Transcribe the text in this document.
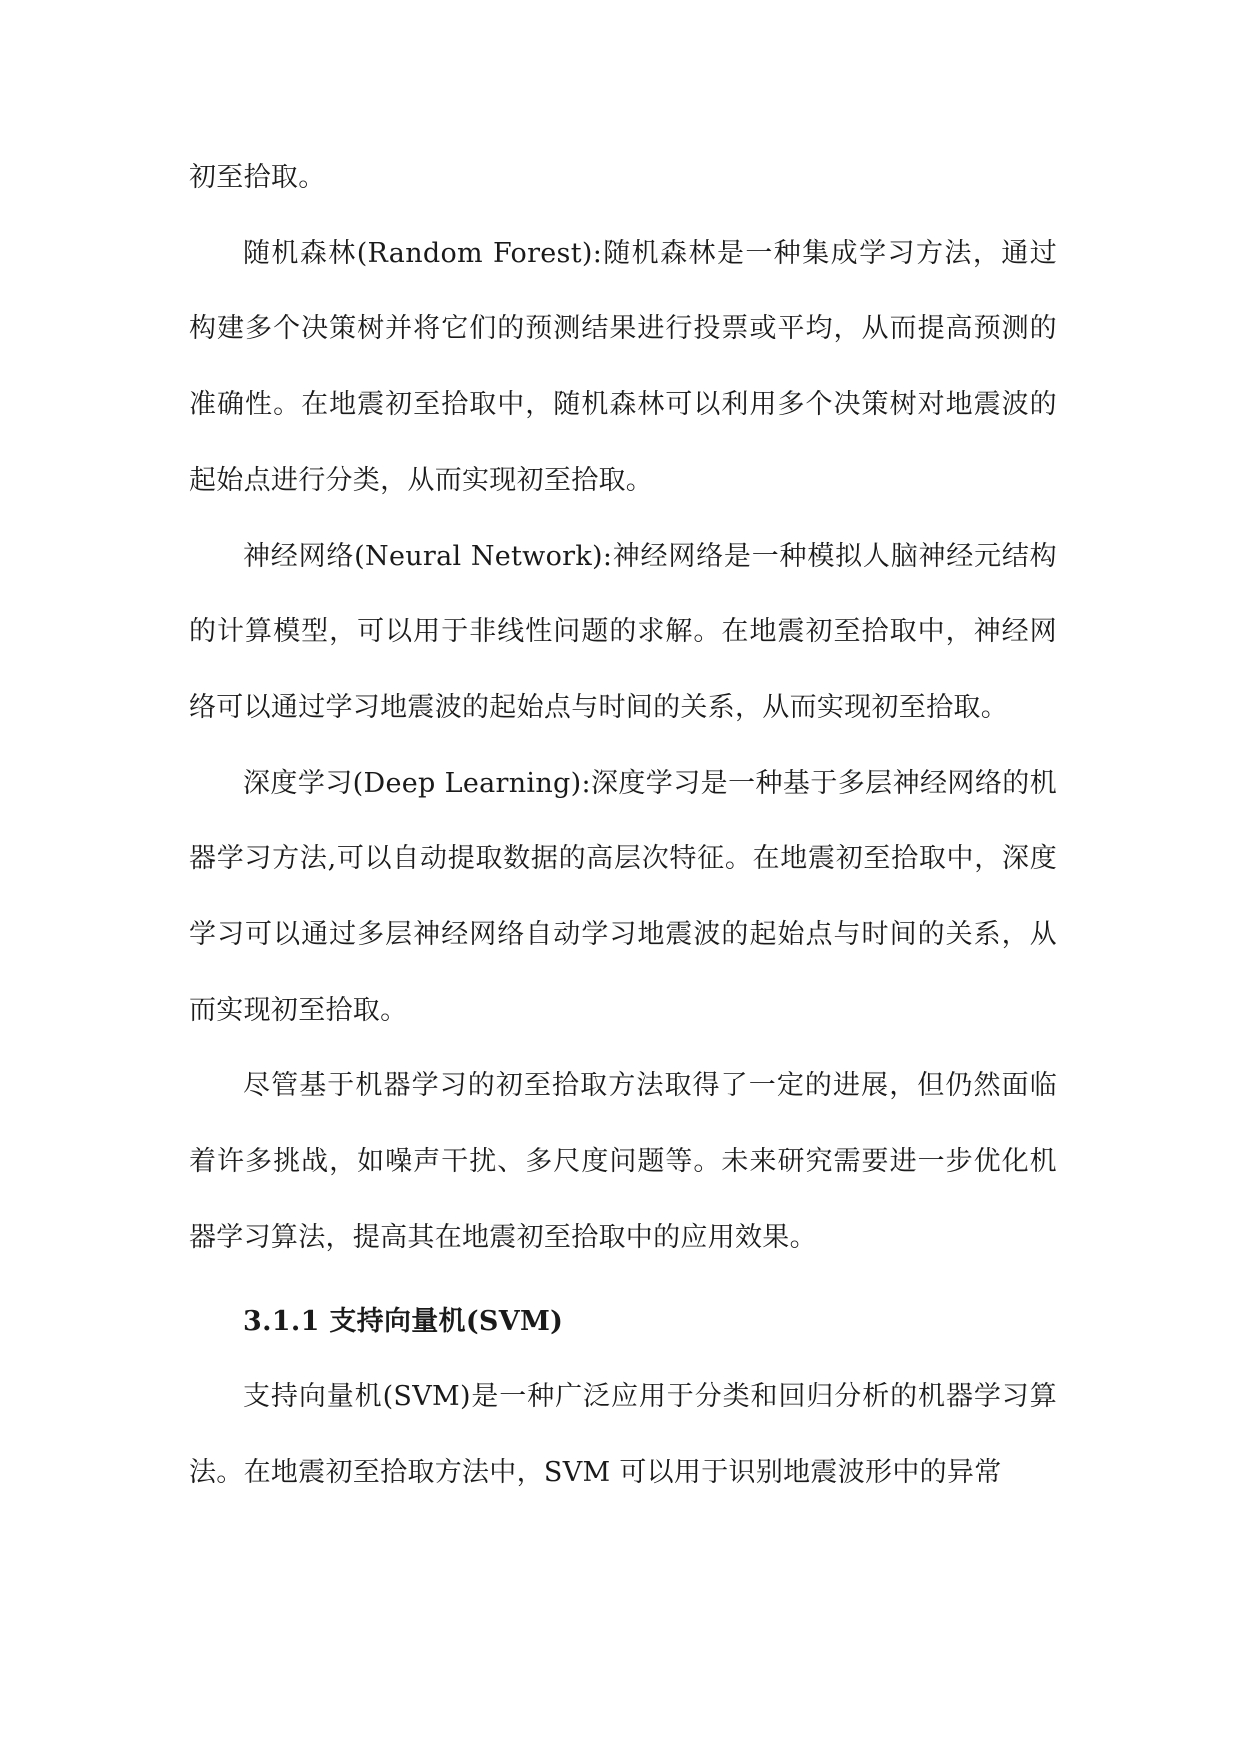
初至拾取。

随机森林(Random Forest):随机森林是一种集成学习方法，通过构建多个决策树并将它们的预测结果进行投票或平均，从而提高预测的准确性。在地震初至拾取中，随机森林可以利用多个决策树对地震波的起始点进行分类，从而实现初至拾取。

神经网络(Neural Network):神经网络是一种模拟人脑神经元结构的计算模型，可以用于非线性问题的求解。在地震初至拾取中，神经网络可以通过学习地震波的起始点与时间的关系，从而实现初至拾取。

深度学习(Deep Learning):深度学习是一种基于多层神经网络的机器学习方法,可以自动提取数据的高层次特征。在地震初至拾取中，深度学习可以通过多层神经网络自动学习地震波的起始点与时间的关系，从而实现初至拾取。

尽管基于机器学习的初至拾取方法取得了一定的进展，但仍然面临着许多挑战，如噪声干扰、多尺度问题等。未来研究需要进一步优化机器学习算法，提高其在地震初至拾取中的应用效果。

3.1.1 支持向量机(SVM)

支持向量机(SVM)是一种广泛应用于分类和回归分析的机器学习算法。在地震初至拾取方法中，SVM 可以用于识别地震波形中的异常
